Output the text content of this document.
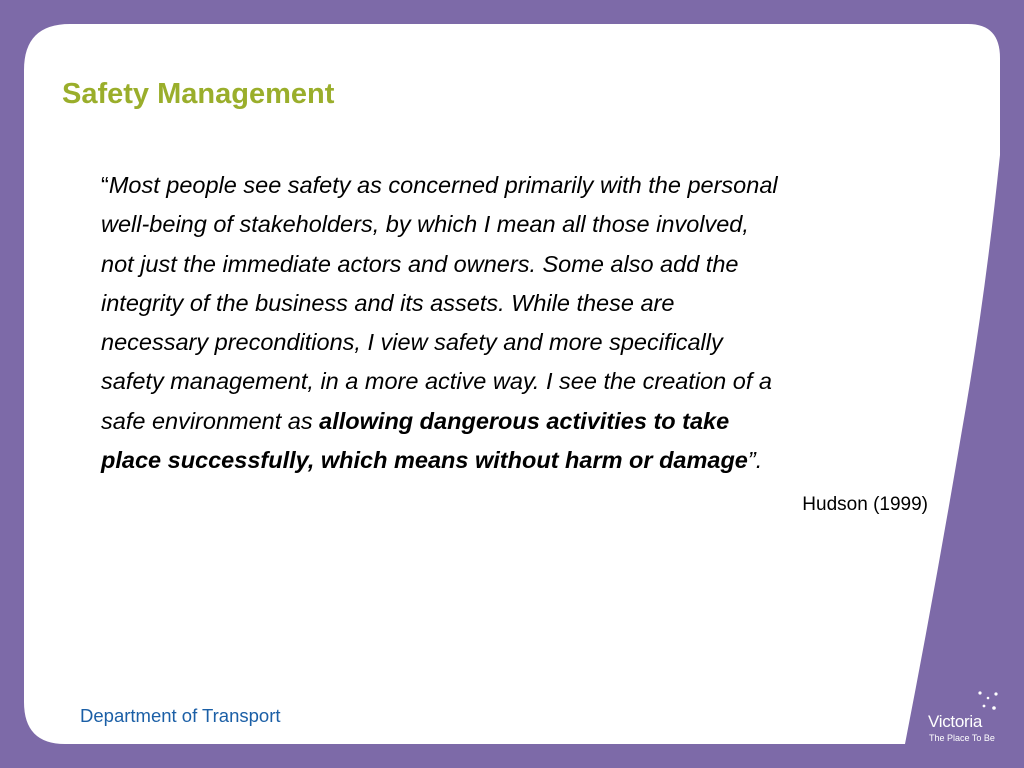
Safety Management

“Most people see safety as concerned primarily with the personal
well-being of stakeholders, by which I mean all those involved,
not just the immediate actors and owners. Some also add the
integrity of the business and its assets. While these are
necessary preconditions, I view safety and more specifically
safety management, in a more active way. I see the creation of a
safe environment as allowing dangerous activities to take
place successfully, which means without harm or damage”.

Hudson (1999)

Department of Transport	Victoria
The Place To Be
